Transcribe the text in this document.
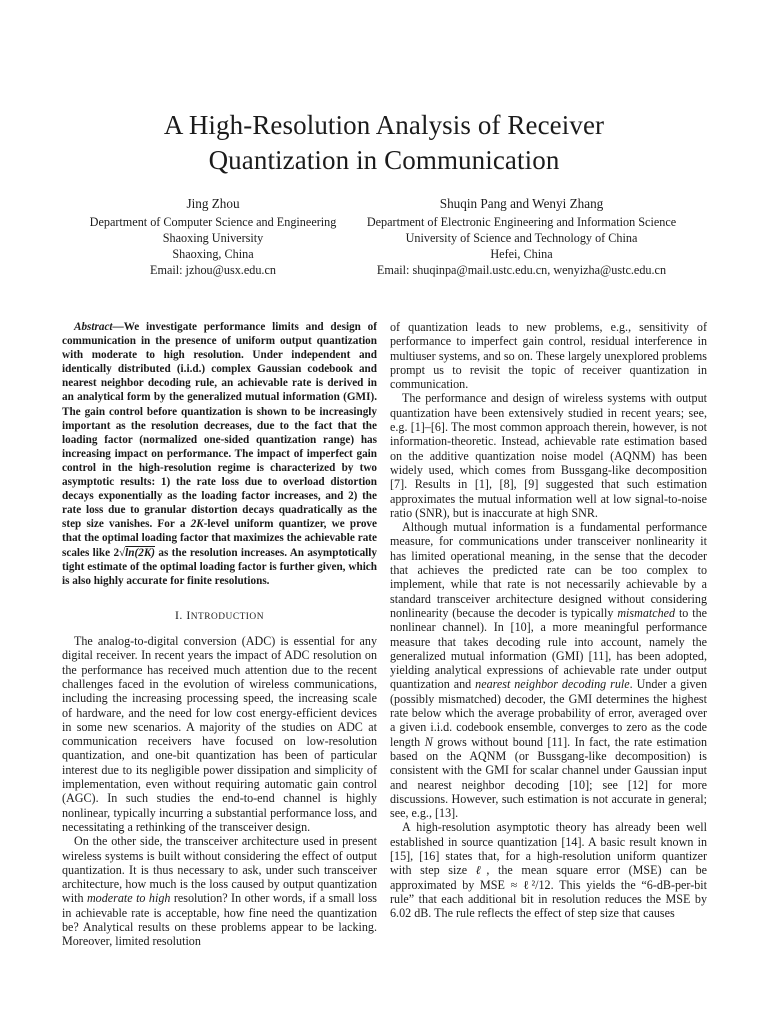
A High-Resolution Analysis of Receiver
Quantization in Communication
Jing Zhou
Department of Computer Science and Engineering
Shaoxing University
Shaoxing, China
Email: jzhou@usx.edu.cn
Shuqin Pang and Wenyi Zhang
Department of Electronic Engineering and Information Science
University of Science and Technology of China
Hefei, China
Email: shuqinpa@mail.ustc.edu.cn, wenyizha@ustc.edu.cn
Abstract—We investigate performance limits and design of communication in the presence of uniform output quantization with moderate to high resolution. Under independent and identically distributed (i.i.d.) complex Gaussian codebook and nearest neighbor decoding rule, an achievable rate is derived in an analytical form by the generalized mutual information (GMI). The gain control before quantization is shown to be increasingly important as the resolution decreases, due to the fact that the loading factor (normalized one-sided quantization range) has increasing impact on performance. The impact of imperfect gain control in the high-resolution regime is characterized by two asymptotic results: 1) the rate loss due to overload distortion decays exponentially as the loading factor increases, and 2) the rate loss due to granular distortion decays quadratically as the step size vanishes. For a 2K-level uniform quantizer, we prove that the optimal loading factor that maximizes the achievable rate scales like 2√ln(2K) as the resolution increases. An asymptotically tight estimate of the optimal loading factor is further given, which is also highly accurate for finite resolutions.
I. INTRODUCTION

The analog-to-digital conversion (ADC) is essential for any digital receiver. In recent years the impact of ADC resolution on the performance has received much attention due to the recent challenges faced in the evolution of wireless communications, including the increasing processing speed, the increasing scale of hardware, and the need for low cost energy-efficient devices in some new scenarios. A majority of the studies on ADC at communication receivers have focused on low-resolution quantization, and one-bit quantization has been of particular interest due to its negligible power dissipation and simplicity of implementation, even without requiring automatic gain control (AGC). In such studies the end-to-end channel is highly nonlinear, typically incurring a substantial performance loss, and necessitating a rethinking of the transceiver design.

On the other side, the transceiver architecture used in present wireless systems is built without considering the effect of output quantization. It is thus necessary to ask, under such transceiver architecture, how much is the loss caused by output quantization with moderate to high resolution? In other words, if a small loss in achievable rate is acceptable, how fine need the quantization be? Analytical results on these problems appear to be lacking. Moreover, limited resolution

of quantization leads to new problems, e.g., sensitivity of performance to imperfect gain control, residual interference in multiuser systems, and so on. These largely unexplored problems prompt us to revisit the topic of receiver quantization in communication.

The performance and design of wireless systems with output quantization have been extensively studied in recent years; see, e.g. [1]–[6]. The most common approach therein, however, is not information-theoretic. Instead, achievable rate estimation based on the additive quantization noise model (AQNM) has been widely used, which comes from Bussgang-like decomposition [7]. Results in [1], [8], [9] suggested that such estimation approximates the mutual information well at low signal-to-noise ratio (SNR), but is inaccurate at high SNR.

Although mutual information is a fundamental performance measure, for communications under transceiver nonlinearity it has limited operational meaning, in the sense that the decoder that achieves the predicted rate can be too complex to implement, while that rate is not necessarily achievable by a standard transceiver architecture designed without considering nonlinearity (because the decoder is typically mismatched to the nonlinear channel). In [10], a more meaningful performance measure that takes decoding rule into account, namely the generalized mutual information (GMI) [11], has been adopted, yielding analytical expressions of achievable rate under output quantization and nearest neighbor decoding rule. Under a given (possibly mismatched) decoder, the GMI determines the highest rate below which the average probability of error, averaged over a given i.i.d. codebook ensemble, converges to zero as the code length N grows without bound [11]. In fact, the rate estimation based on the AQNM (or Bussgang-like decomposition) is consistent with the GMI for scalar channel under Gaussian input and nearest neighbor decoding [10]; see [12] for more discussions. However, such estimation is not accurate in general; see, e.g., [13].

A high-resolution asymptotic theory has already been well established in source quantization [14]. A basic result known in [15], [16] states that, for a high-resolution uniform quantizer with step size ℓ, the mean square error (MSE) can be approximated by MSE ≈ ℓ²/12. This yields the “6-dB-per-bit rule” that each additional bit in resolution reduces the MSE by 6.02 dB. The rule reflects the effect of step size that causes
